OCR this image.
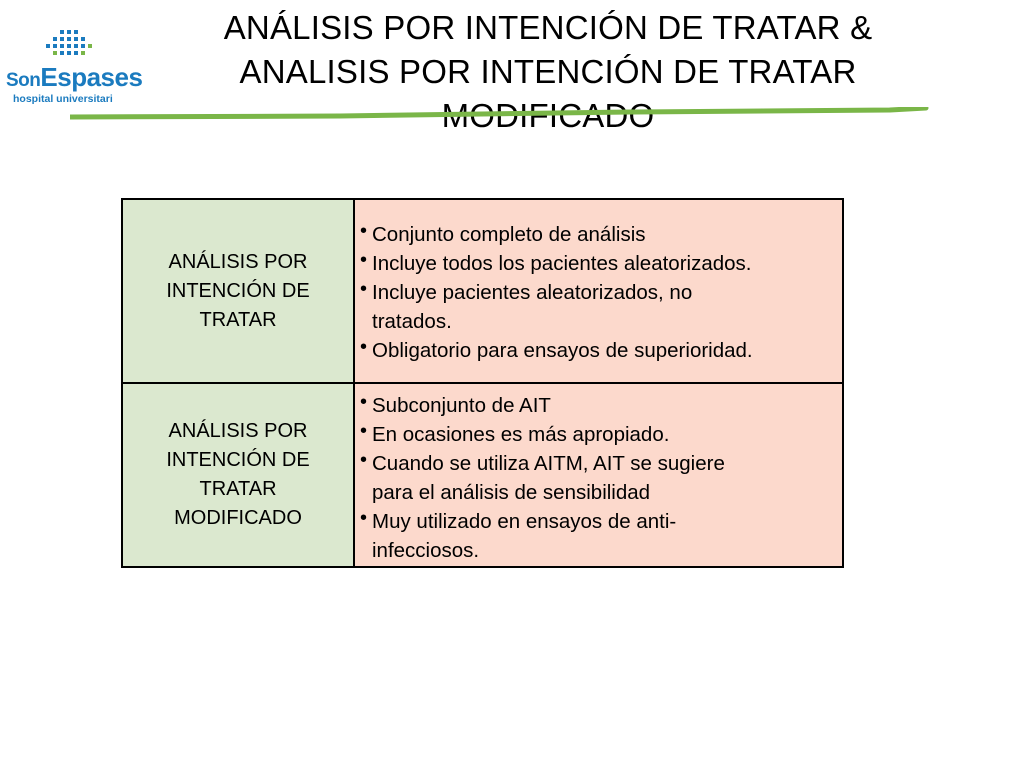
SonEspases
hospital universitari
ANÁLISIS POR INTENCIÓN DE TRATAR &
ANALISIS POR INTENCIÓN DE TRATAR
MODIFICADO
ANÁLISIS POR
INTENCIÓN DE
TRATAR
• Conjunto completo de análisis
• Incluye todos los pacientes aleatorizados.
• Incluye pacientes aleatorizados, no
tratados.
• Obligatorio para ensayos de superioridad.
ANÁLISIS POR
INTENCIÓN DE
TRATAR
MODIFICADO
• Subconjunto de AIT
• En ocasiones es más apropiado.
• Cuando se utiliza AITM, AIT se sugiere
para el análisis de sensibilidad
• Muy utilizado en ensayos de anti-
infecciosos.
